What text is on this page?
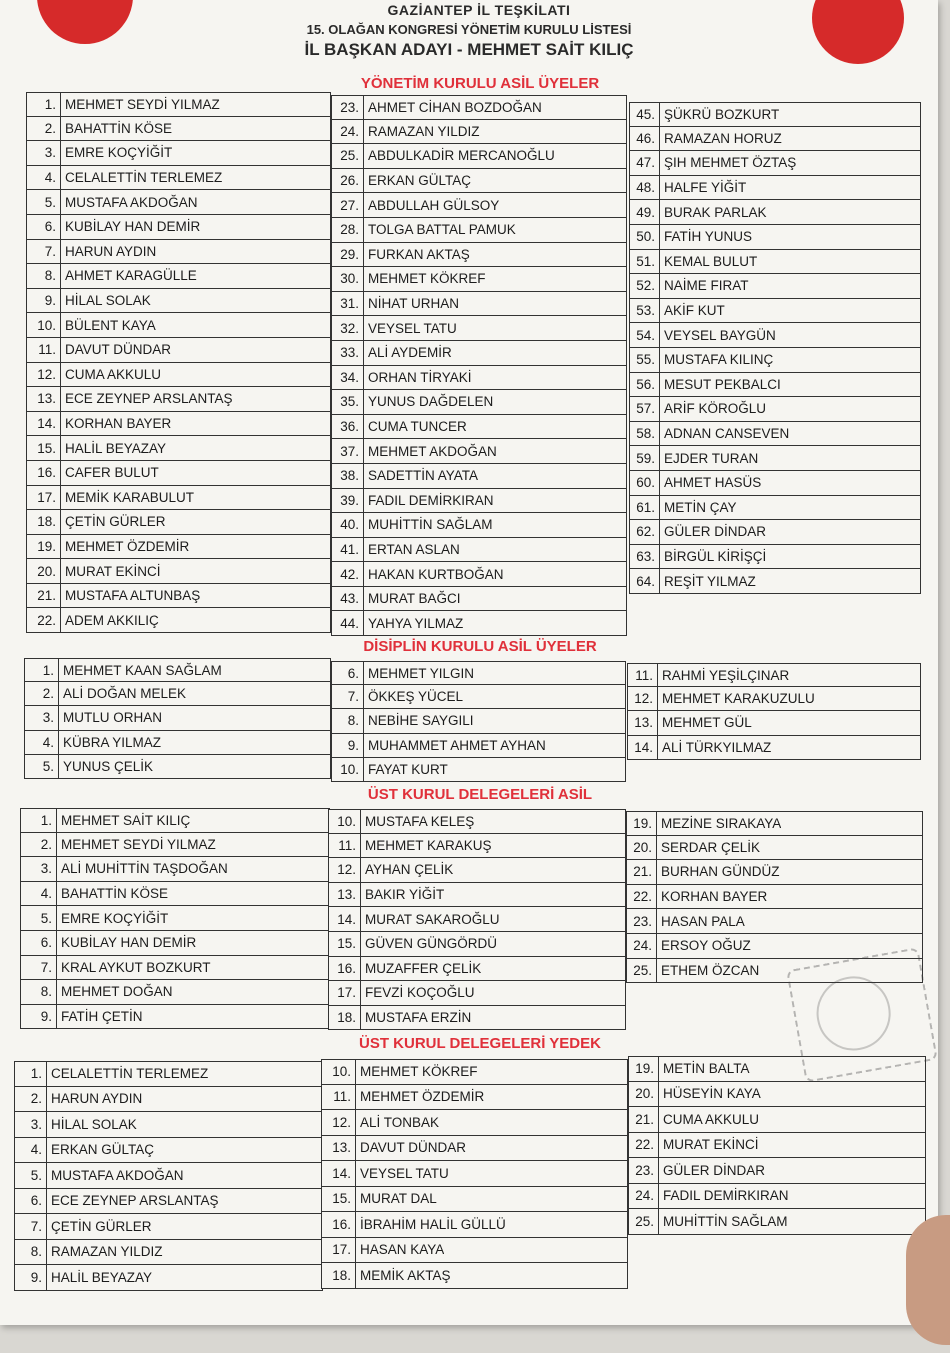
GAZİANTEP İL TEŞKİLATI
15. OLAĞAN KONGRESİ YÖNETİM KURULU LİSTESİ
İL BAŞKAN ADAYI - MEHMET SAİT KILIÇ
YÖNETİM KURULU ASİL ÜYELER
1. MEHMET SEYDİ YILMAZ
2. BAHATTİN KÖSE
3. EMRE KOÇYİĞİT
4. CELALETTİN TERLEMEZ
5. MUSTAFA AKDOĞAN
6. KUBİLAY HAN DEMİR
7. HARUN AYDIN
8. AHMET KARAGÜLLE
9. HİLAL SOLAK
10. BÜLENT KAYA
11. DAVUT DÜNDAR
12. CUMA AKKULU
13. ECE ZEYNEP ARSLANTAŞ
14. KORHAN BAYER
15. HALİL BEYAZAY
16. CAFER BULUT
17. MEMİK KARABULUT
18. ÇETİN GÜRLER
19. MEHMET ÖZDEMİR
20. MURAT EKİNCİ
21. MUSTAFA ALTUNBAŞ
22. ADEM AKKILIÇ
23. AHMET CİHAN BOZDOĞAN
24. RAMAZAN YILDIZ
25. ABDULKADİR MERCANOĞLU
26. ERKAN GÜLTAÇ
27. ABDULLAH GÜLSOY
28. TOLGA BATTAL PAMUK
29. FURKAN AKTAŞ
30. MEHMET KÖKREF
31. NİHAT URHAN
32. VEYSEL TATU
33. ALİ AYDEMİR
34. ORHAN TİRYAKİ
35. YUNUS DAĞDELEN
36. CUMA TUNCER
37. MEHMET AKDOĞAN
38. SADETTİN AYATA
39. FADIL DEMİRKIRAN
40. MUHİTTİN SAĞLAM
41. ERTAN ASLAN
42. HAKAN KURTBOĞAN
43. MURAT BAĞCI
44. YAHYA YILMAZ
45. ŞÜKRÜ BOZKURT
46. RAMAZAN HORUZ
47. ŞIH MEHMET ÖZTAŞ
48. HALFE YİĞİT
49. BURAK PARLAK
50. FATİH YUNUS
51. KEMAL BULUT
52. NAİME FIRAT
53. AKİF KUT
54. VEYSEL BAYGÜN
55. MUSTAFA KILINÇ
56. MESUT PEKBALCI
57. ARİF KÖROĞLU
58. ADNAN CANSEVEN
59. EJDER TURAN
60. AHMET HASÜS
61. METİN ÇAY
62. GÜLER DİNDAR
63. BİRGÜL KİRİŞÇİ
64. REŞİT YILMAZ
DİSİPLİN KURULU ASİL ÜYELER
1. MEHMET KAAN SAĞLAM
2. ALİ DOĞAN MELEK
3. MUTLU ORHAN
4. KÜBRA YILMAZ
5. YUNUS ÇELİK
6. MEHMET YILGIN
7. ÖKKEŞ YÜCEL
8. NEBİHE SAYGILI
9. MUHAMMET AHMET AYHAN
10. FAYAT KURT
11. RAHMİ YEŞİLÇINAR
12. MEHMET KARAKUZULU
13. MEHMET GÜL
14. ALİ TÜRKYILMAZ
ÜST KURUL DELEGELERİ ASİL
1. MEHMET SAİT KILIÇ
2. MEHMET SEYDİ YILMAZ
3. ALİ MUHİTTİN TAŞDOĞAN
4. BAHATTİN KÖSE
5. EMRE KOÇYİĞİT
6. KUBİLAY HAN DEMİR
7. KRAL AYKUT BOZKURT
8. MEHMET DOĞAN
9. FATİH ÇETİN
10. MUSTAFA KELEŞ
11. MEHMET KARAKUŞ
12. AYHAN ÇELİK
13. BAKIR YİĞİT
14. MURAT SAKAROĞLU
15. GÜVEN GÜNGÖRDÜ
16. MUZAFFER ÇELİK
17. FEVZİ KOÇOĞLU
18. MUSTAFA ERZİN
19. MEZİNE SIRAKAYA
20. SERDAR ÇELİK
21. BURHAN GÜNDÜZ
22. KORHAN BAYER
23. HASAN PALA
24. ERSOY OĞUZ
25. ETHEM ÖZCAN
ÜST KURUL DELEGELERİ YEDEK
1. CELALETTİN TERLEMEZ
2. HARUN AYDIN
3. HİLAL SOLAK
4. ERKAN GÜLTAÇ
5. MUSTAFA AKDOĞAN
6. ECE ZEYNEP ARSLANTAŞ
7. ÇETİN GÜRLER
8. RAMAZAN YILDIZ
9. HALİL BEYAZAY
10. MEHMET KÖKREF
11. MEHMET ÖZDEMİR
12. ALİ TONBAK
13. DAVUT DÜNDAR
14. VEYSEL TATU
15. MURAT DAL
16. İBRAHİM HALİL GÜLLÜ
17. HASAN KAYA
18. MEMİK AKTAŞ
19. METİN BALTA
20. HÜSEYİN KAYA
21. CUMA AKKULU
22. MURAT EKİNCİ
23. GÜLER DİNDAR
24. FADIL DEMİRKIRAN
25. MUHİTTİN SAĞLAM
